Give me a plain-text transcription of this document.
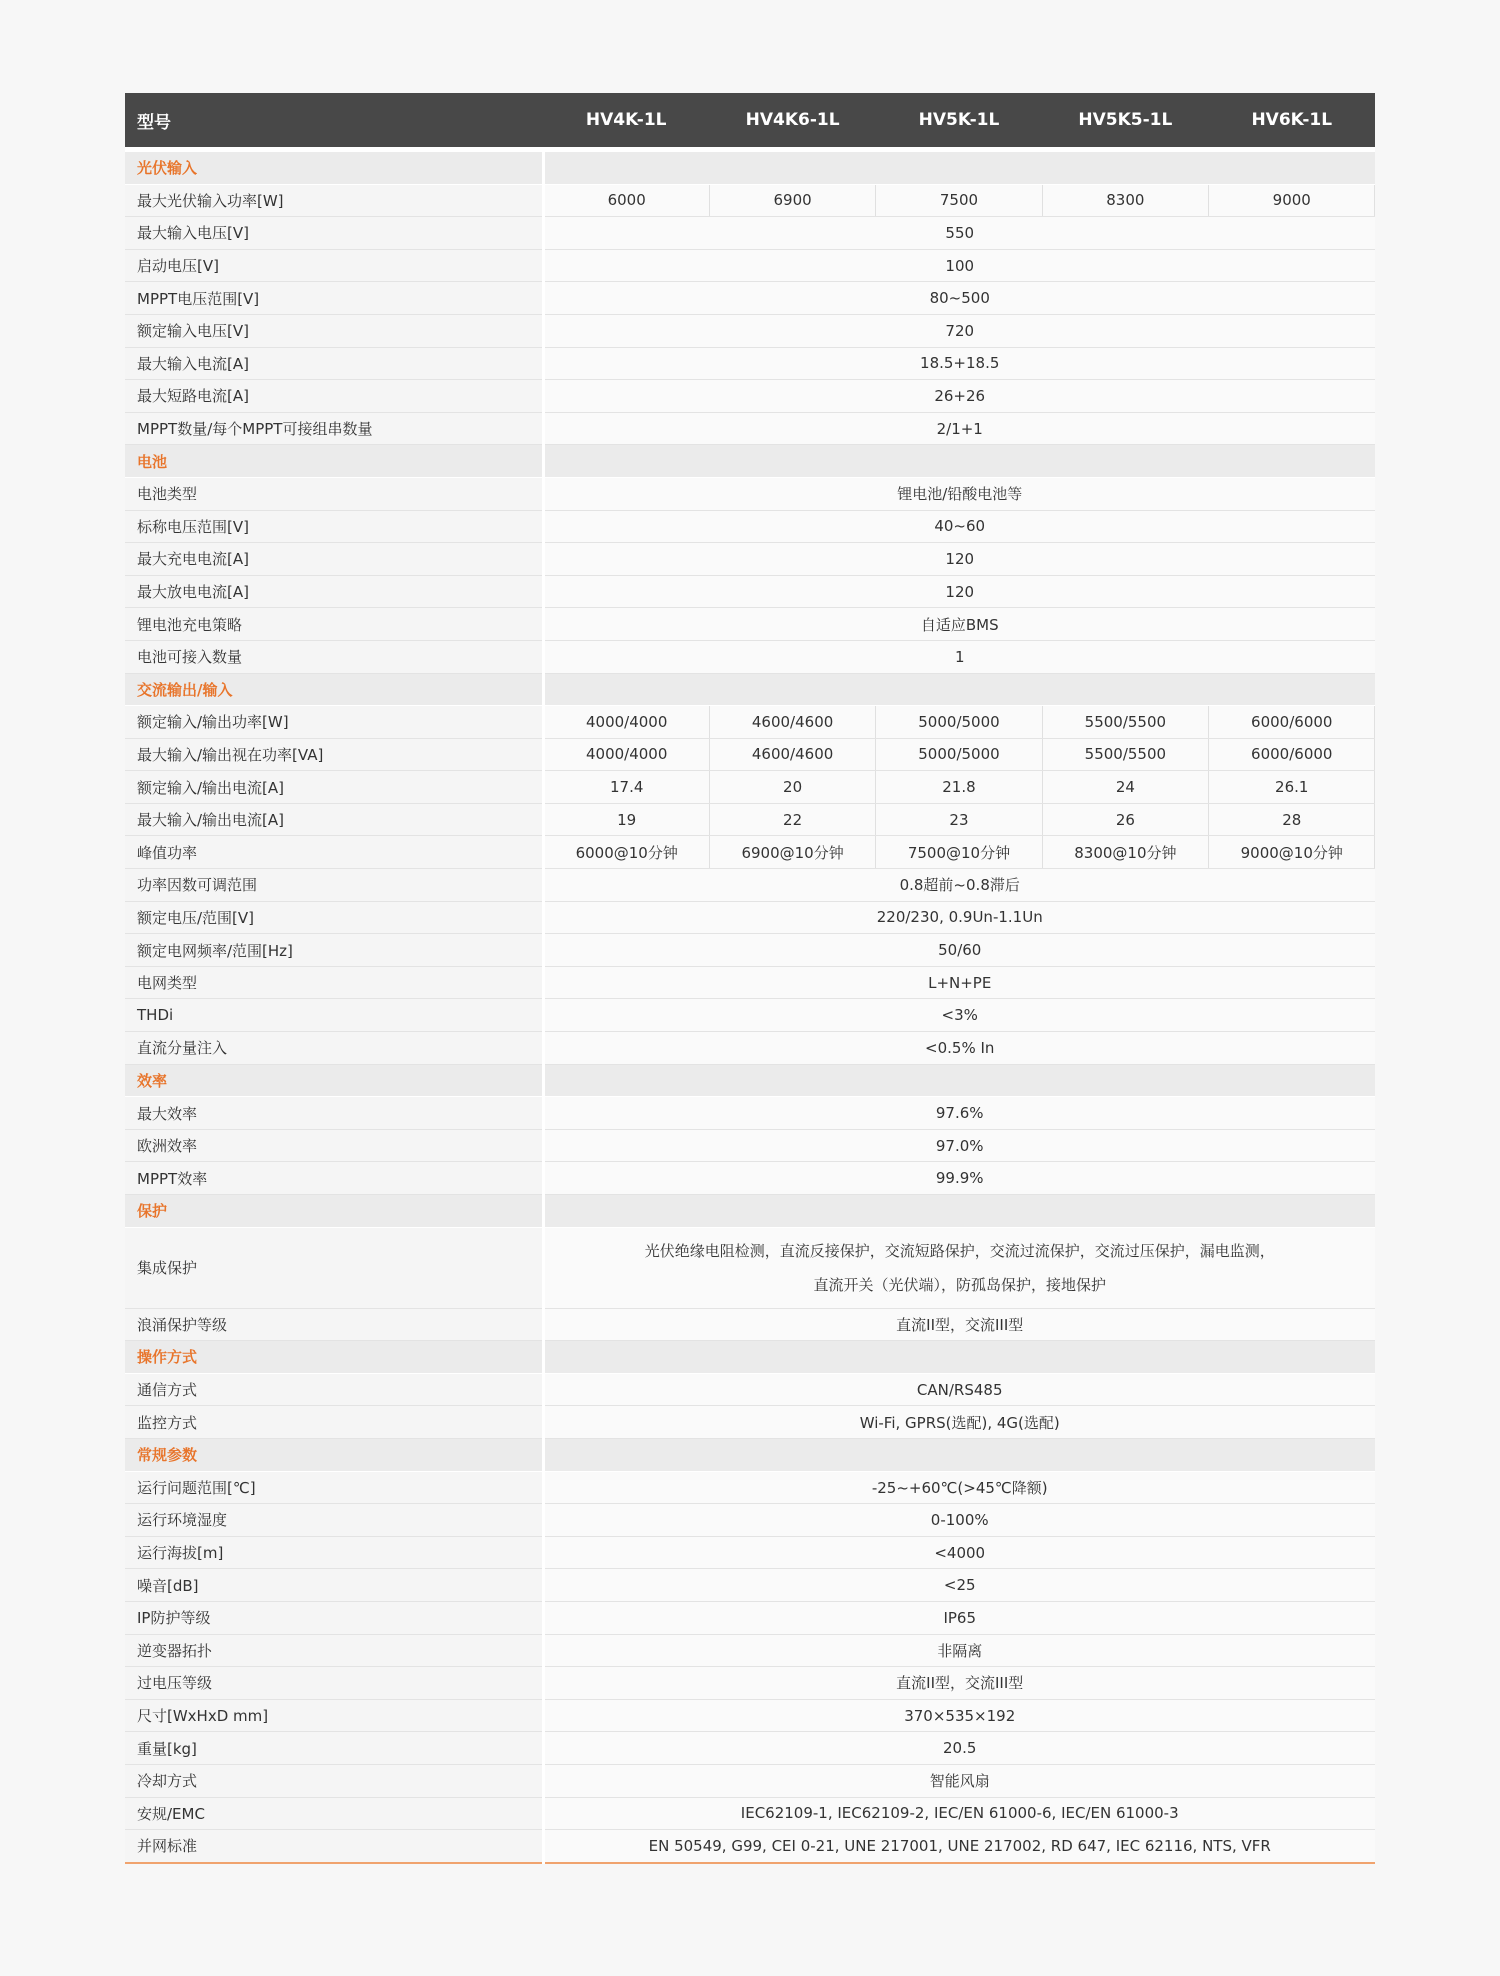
型号	HV4K-1L	HV4K6-1L	HV5K-1L	HV5K5-1L	HV6K-1L
光伏输入					
最大光伏输入功率[W]	6000	6900	7500	8300	9000
最大输入电压[V]	550				
启动电压[V]	100				
MPPT电压范围[V]	80~500				
额定输入电压[V]	720				
最大输入电流[A]	18.5+18.5				
最大短路电流[A]	26+26				
MPPT数量/每个MPPT可接组串数量	2/1+1				
电池					
电池类型	锂电池/铅酸电池等				
标称电压范围[V]	40~60				
最大充电电流[A]	120				
最大放电电流[A]	120				
锂电池充电策略	自适应BMS				
电池可接入数量	1				
交流输出/输入					
额定输入/输出功率[W]	4000/4000	4600/4600	5000/5000	5500/5500	6000/6000
最大输入/输出视在功率[VA]	4000/4000	4600/4600	5000/5000	5500/5500	6000/6000
额定输入/输出电流[A]	17.4	20	21.8	24	26.1
最大输入/输出电流[A]	19	22	23	26	28
峰值功率	6000@10分钟	6900@10分钟	7500@10分钟	8300@10分钟	9000@10分钟
功率因数可调范围	0.8超前~0.8滞后				
额定电压/范围[V]	220/230, 0.9Un-1.1Un				
额定电网频率/范围[Hz]	50/60				
电网类型	L+N+PE				
THDi	<3%				
直流分量注入	<0.5% In				
效率					
最大效率	97.6%				
欧洲效率	97.0%				
MPPT效率	99.9%				
保护					
集成保护	光伏绝缘电阻检测，直流反接保护，交流短路保护，交流过流保护，交流过压保护，漏电监测，
直流开关（光伏端），防孤岛保护，接地保护				

浪涌保护等级	直流II型，交流III型				
操作方式					
通信方式	CAN/RS485				
监控方式	Wi-Fi, GPRS(选配), 4G(选配)				
常规参数					
运行问题范围[℃]	-25~+60℃(>45℃降额)				
运行环境湿度	0-100%				
运行海拔[m]	<4000				
噪音[dB]	<25				
IP防护等级	IP65				
逆变器拓扑	非隔离				
过电压等级	直流II型，交流III型				
尺寸[WxHxD mm]	370×535×192				
重量[kg]	20.5				
冷却方式	智能风扇				
安规/EMC	IEC62109-1, IEC62109-2, IEC/EN 61000-6, IEC/EN 61000-3				
并网标准	EN 50549, G99, CEI 0-21, UNE 217001, UNE 217002, RD 647, IEC 62116, NTS, VFR				
